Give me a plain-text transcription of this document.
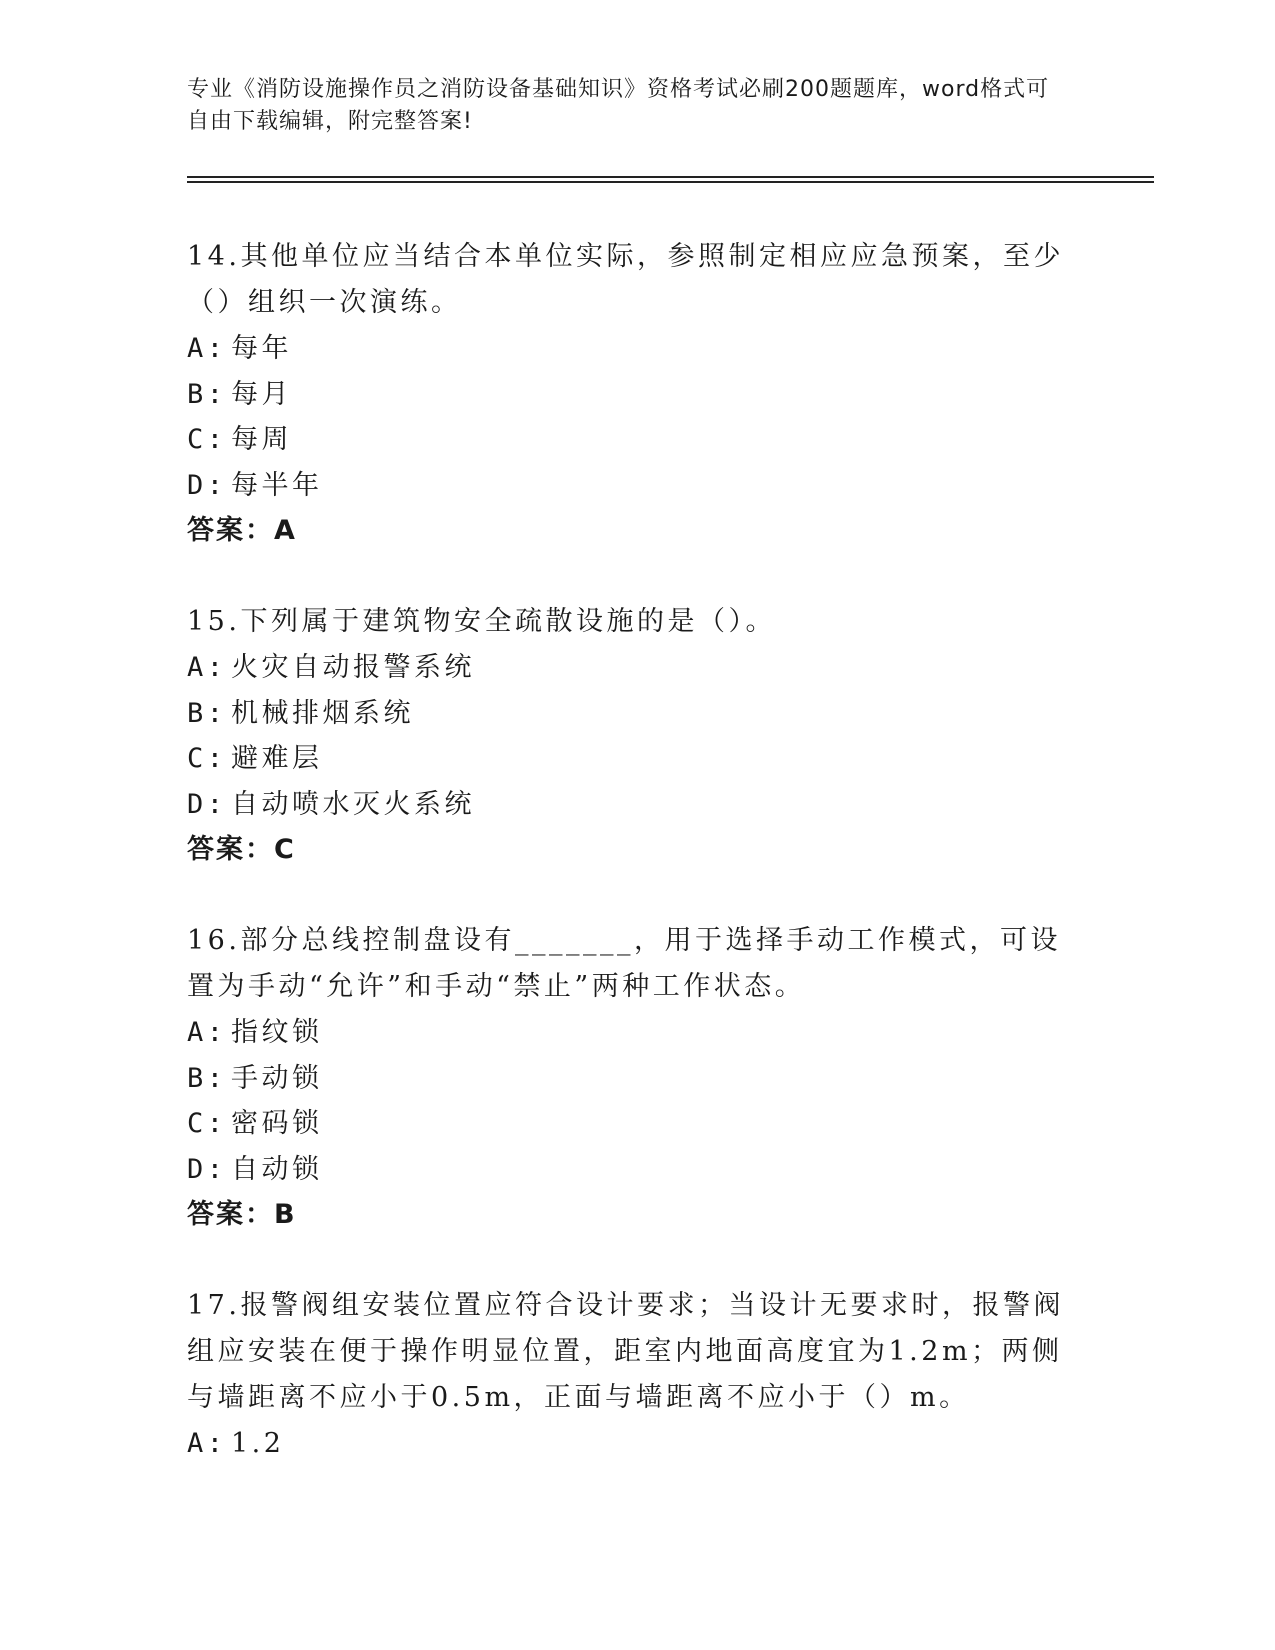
专业《消防设施操作员之消防设备基础知识》资格考试必刷200题题库，word格式可自由下载编辑，附完整答案!
14.其他单位应当结合本单位实际，参照制定相应应急预案，至少（）组织一次演练。
A: 每年
B: 每月
C: 每周
D: 每半年
答案：A
15.下列属于建筑物安全疏散设施的是（）。
A: 火灾自动报警系统
B: 机械排烟系统
C: 避难层
D: 自动喷水灭火系统
答案：C
16.部分总线控制盘设有_______，用于选择手动工作模式，可设置为手动“允许”和手动“禁止”两种工作状态。
A: 指纹锁
B: 手动锁
C: 密码锁
D: 自动锁
答案：B
17.报警阀组安装位置应符合设计要求；当设计无要求时，报警阀组应安装在便于操作明显位置，距室内地面高度宜为1.2m；两侧与墙距离不应小于0.5m，正面与墙距离不应小于（）m。
A: 1.2
